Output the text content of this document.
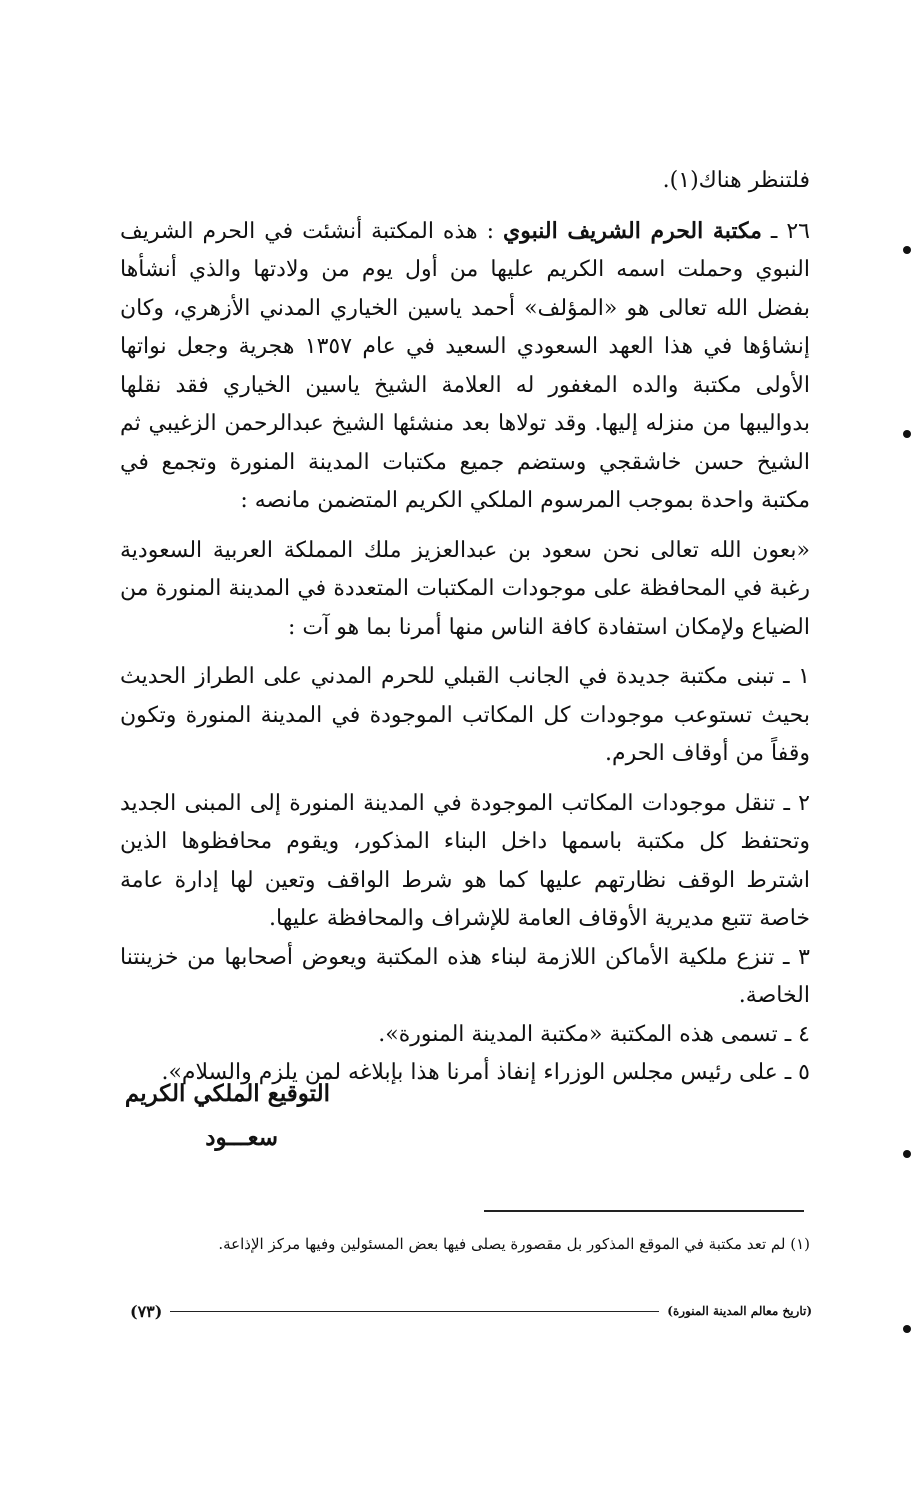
فلتنظر هناك(١).

٢٦ ـ مكتبة الحرم الشريف النبوي : هذه المكتبة أنشئت في الحرم الشريف النبوي وحملت اسمه الكريم عليها من أول يوم من ولادتها والذي أنشأها بفضل الله تعالى هو «المؤلف» أحمد ياسين الخياري المدني الأزهري، وكان إنشاؤها في هذا العهد السعودي السعيد في عام ١٣٥٧ هجرية وجعل نواتها الأولى مكتبة والده المغفور له العلامة الشيخ ياسين الخياري فقد نقلها بدواليبها من منزله إليها. وقد تولاها بعد منشئها الشيخ عبدالرحمن الزغيبي ثم الشيخ حسن خاشقجي وستضم جميع مكتبات المدينة المنورة وتجمع في مكتبة واحدة بموجب المرسوم الملكي الكريم المتضمن مانصه :

«بعون الله تعالى نحن سعود بن عبدالعزيز ملك المملكة العربية السعودية رغبة في المحافظة على موجودات المكتبات المتعددة في المدينة المنورة من الضياع ولإمكان استفادة كافة الناس منها أمرنا بما هو آت :

١ ـ تبنى مكتبة جديدة في الجانب القبلي للحرم المدني على الطراز الحديث بحيث تستوعب موجودات كل المكاتب الموجودة في المدينة المنورة وتكون وقفاً من أوقاف الحرم.

٢ ـ تنقل موجودات المكاتب الموجودة في المدينة المنورة إلى المبنى الجديد وتحتفظ كل مكتبة باسمها داخل البناء المذكور، ويقوم محافظوها الذين اشترط الوقف نظارتهم عليها كما هو شرط الواقف وتعين لها إدارة عامة خاصة تتبع مديرية الأوقاف العامة للإشراف والمحافظة عليها.

٣ ـ تنزع ملكية الأماكن اللازمة لبناء هذه المكتبة ويعوض أصحابها من خزينتنا الخاصة.

٤ ـ تسمى هذه المكتبة «مكتبة المدينة المنورة».

٥ ـ على رئيس مجلس الوزراء إنفاذ أمرنا هذا بإبلاغه لمن يلزم والسلام».

التوقيع الملكي الكريم
سعـــود
(١) لم تعد مكتبة في الموقع المذكور بل مقصورة يصلى فيها بعض المسئولين وفيها مركز الإذاعة.
(تاريخ معالم المدينة المنورة)
(٧٣)
